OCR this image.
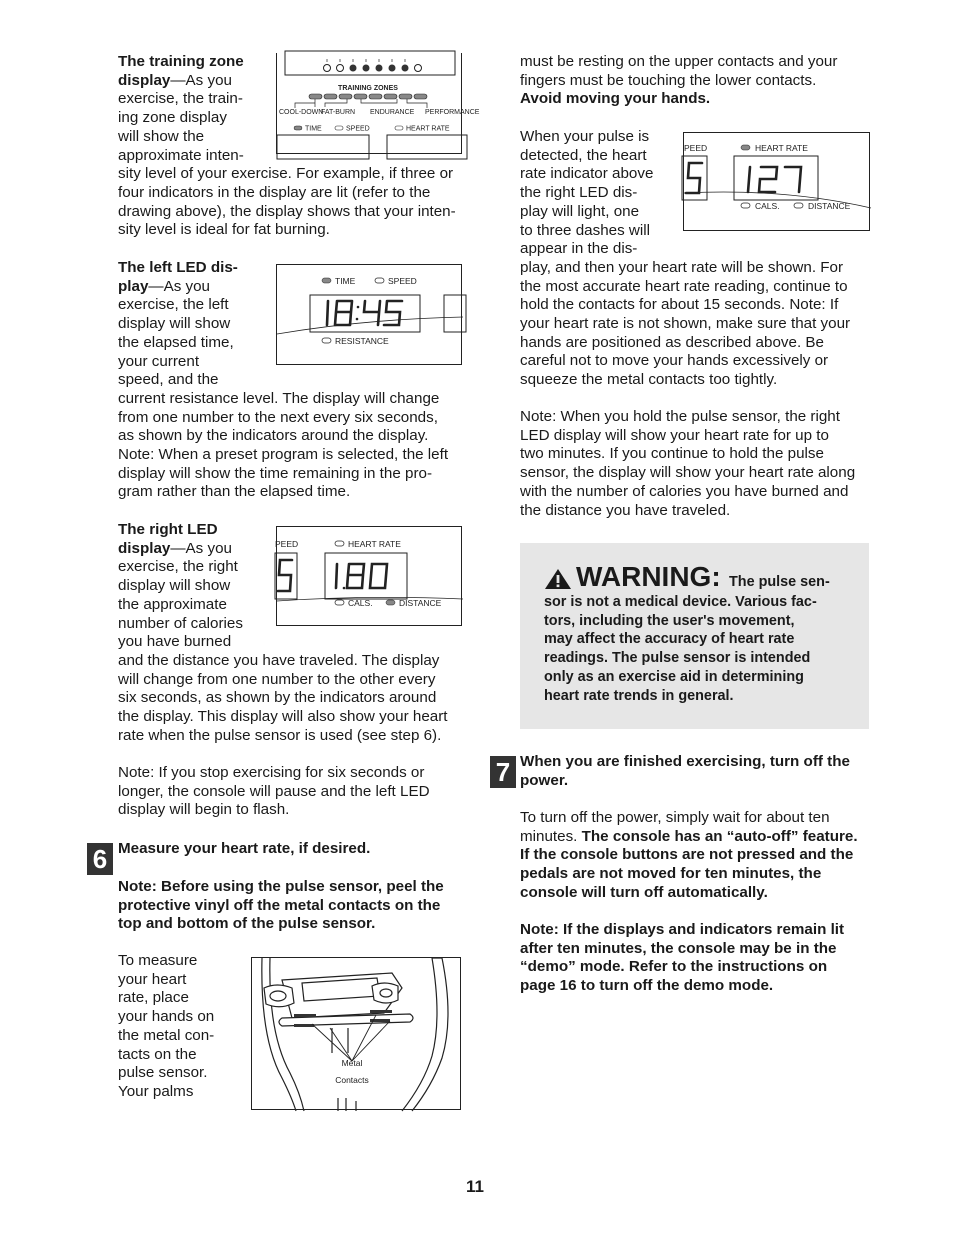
The training zone
display—As you
exercise, the train-
ing zone display
will show the
approximate inten-
sity level of your exercise. For example, if three or
four indicators in the display are lit (refer to the
drawing above), the display shows that your inten-
sity level is ideal for fat burning.
TRAINING ZONES
COOL-DOWN
FAT-BURN ENDURANCE PERFORMANCE
TIME	SPEED	HEART RATE
The left LED dis-
play—As you
exercise, the left
display will show
the elapsed time,
your current
speed, and the
current resistance level. The display will change
from one number to the next every six seconds,
as shown by the indicators around the display.
Note: When a preset program is selected, the left
display will show the time remaining in the pro-
gram rather than the elapsed time.
TIME	SPEED
RESISTANCE
The right LED
display—As you
exercise, the right
display will show
the approximate
number of calories
you have burned
and the distance you have traveled. The display
will change from one number to the other every
six seconds, as shown by the indicators around
the display. This display will also show your heart
rate when the pulse sensor is used (see step 6).
PEED	HEART RATE
CALS.	DISTANCE
Note: If you stop exercising for six seconds or
longer, the console will pause and the left LED
display will begin to flash.
6 Measure your heart rate, if desired.
Note: Before using the pulse sensor, peel the
protective vinyl off the metal contacts on the
top and bottom of the pulse sensor.
To measure
your heart
rate, place
your hands on
the metal con-
tacts on the
pulse sensor.
Your palms
Metal
Contacts
must be resting on the upper contacts and your
fingers must be touching the lower contacts.
Avoid moving your hands.
When your pulse is
detected, the heart
rate indicator above
the right LED dis-
play will light, one
to three dashes will
appear in the dis-
play, and then your heart rate will be shown. For
the most accurate heart rate reading, continue to
hold the contacts for about 15 seconds. Note: If
your heart rate is not shown, make sure that your
hands are positioned as described above. Be
careful not to move your hands excessively or
squeeze the metal contacts too tightly.
PEED	HEART RATE
CALS.	DISTANCE
Note: When you hold the pulse sensor, the right
LED display will show your heart rate for up to
two minutes. If you continue to hold the pulse
sensor, the display will show your heart rate along
with the number of calories you have burned and
the distance you have traveled.
WARNING: The pulse sen-
sor is not a medical device. Various fac-
tors, including the user's movement,
may affect the accuracy of heart rate
readings. The pulse sensor is intended
only as an exercise aid in determining
heart rate trends in general.
7 When you are finished exercising, turn off the
power.
To turn off the power, simply wait for about ten
minutes. The console has an “auto-off” feature.
If the console buttons are not pressed and the
pedals are not moved for ten minutes, the
console will turn off automatically.
Note: If the displays and indicators remain lit
after ten minutes, the console may be in the
“demo” mode. Refer to the instructions on
page 16 to turn off the demo mode.
11
